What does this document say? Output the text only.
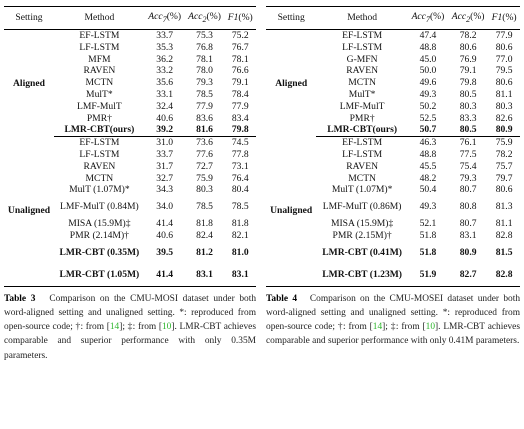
Setting	Method	Acc$_7$(%)	Acc$_2$(%)	F1(%)
Aligned	EF-LSTM	33.7	75.3	75.2
	LF-LSTM	35.3	76.8	76.7
	MFM	36.2	78.1	78.1
	RAVEN	33.2	78.0	76.6
	MCTN	35.6	79.3	79.1
	MulT*	33.1	78.5	78.4
	LMF-MulT	32.4	77.9	77.9
	PMR†	40.6	83.6	83.4
	LMR-CBT(ours)	39.2	81.6	79.8
Unaligned	EF-LSTM	31.0	73.6	74.5
	LF-LSTM	33.7	77.6	77.8
	RAVEN	31.7	72.7	73.1
	MCTN	32.7	75.9	76.4
	MulT (1.07M)*	34.3	80.3	80.4
	LMF-MulT (0.84M)	34.0	78.5	78.5
	MISA (15.9M)‡	41.4	81.8	81.8
	PMR (2.14M)†	40.6	82.4	82.1
	LMR-CBT (0.35M)	39.5	81.2	81.0
	LMR-CBT (1.05M)	41.4	83.1	83.1
Table 3 Comparison on the CMU-MOSI dataset under both word-aligned setting and unaligned setting. *: reproduced from open-source code; †: from [14]; ‡: from [10]. LMR-CBT achieves comparable and superior performance with only 0.35M parameters.
Setting	Method	Acc$_7$(%)	Acc$_2$(%)	F1(%)
Aligned	EF-LSTM	47.4	78.2	77.9
	LF-LSTM	48.8	80.6	80.6
	G-MFN	45.0	76.9	77.0
	RAVEN	50.0	79.1	79.5
	MCTN	49.6	79.8	80.6
	MulT*	49.3	80.5	81.1
	LMF-MulT	50.2	80.3	80.3
	PMR†	52.5	83.3	82.6
	LMR-CBT(ours)	50.7	80.5	80.9
Unaligned	EF-LSTM	46.3	76.1	75.9
	LF-LSTM	48.8	77.5	78.2
	RAVEN	45.5	75.4	75.7
	MCTN	48.2	79.3	79.7
	MulT (1.07M)*	50.4	80.7	80.6
	LMF-MulT (0.86M)	49.3	80.8	81.3
	MISA (15.9M)‡	52.1	80.7	81.1
	PMR (2.15M)†	51.8	83.1	82.8
	LMR-CBT (0.41M)	51.8	80.9	81.5
	LMR-CBT (1.23M)	51.9	82.7	82.8
Table 4 Comparison on the CMU-MOSEI dataset under both word-aligned setting and unaligned setting. *: reproduced from open-source code; †: from [14]; ‡: from [10]. LMR-CBT achieves comparable and superior performance with only 0.41M parameters.
